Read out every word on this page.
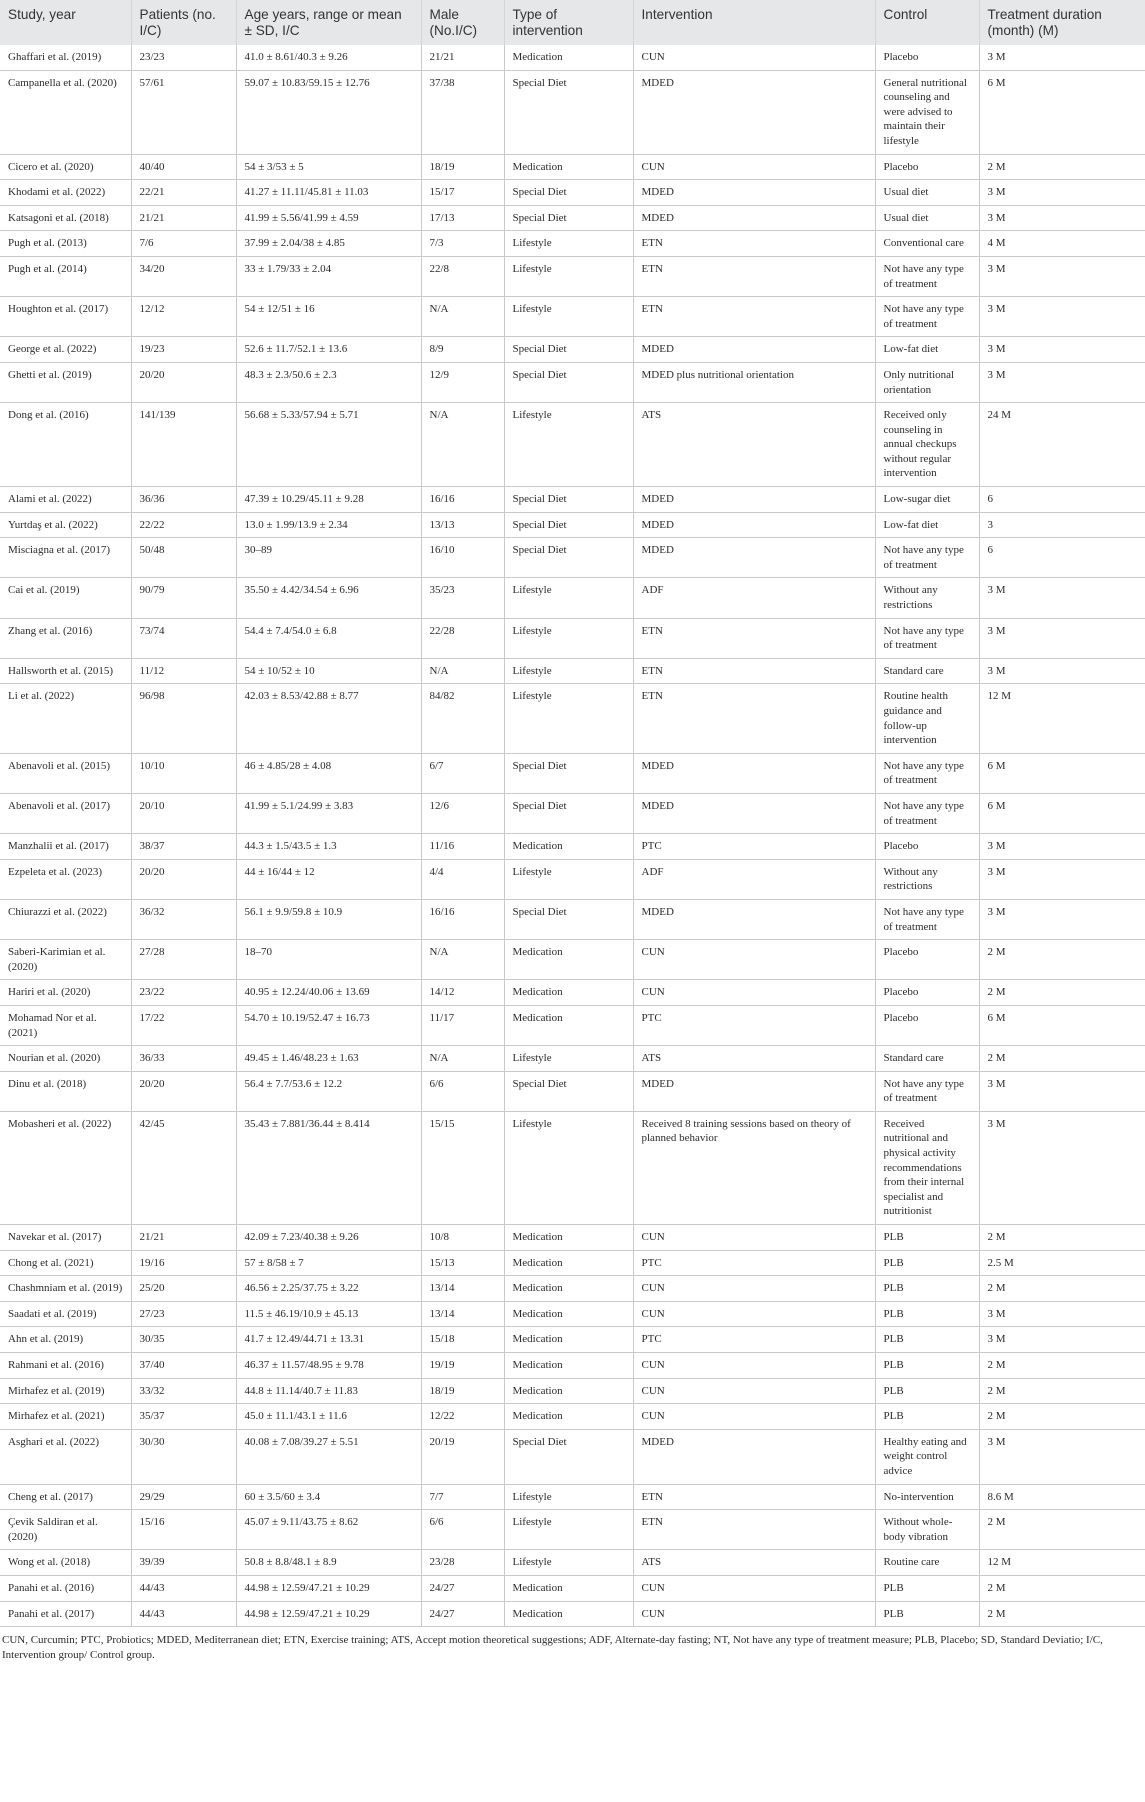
Study, year	Patients (no. I/C)	Age years, range or mean ± SD, I/C	Male (No.I/C)	Type of intervention	Intervention	Control	Treatment duration (month) (M)
Ghaffari et al. (2019)	23/23	41.0 ± 8.61/40.3 ± 9.26	21/21	Medication	CUN	Placebo	3 M
Campanella et al. (2020)	57/61	59.07 ± 10.83/59.15 ± 12.76	37/38	Special Diet	MDED	General nutritional counseling and were advised to maintain their lifestyle	6 M
Cicero et al. (2020)	40/40	54 ± 3/53 ± 5	18/19	Medication	CUN	Placebo	2 M
Khodami et al. (2022)	22/21	41.27 ± 11.11/45.81 ± 11.03	15/17	Special Diet	MDED	Usual diet	3 M
Katsagoni et al. (2018)	21/21	41.99 ± 5.56/41.99 ± 4.59	17/13	Special Diet	MDED	Usual diet	3 M
Pugh et al. (2013)	7/6	37.99 ± 2.04/38 ± 4.85	7/3	Lifestyle	ETN	Conventional care	4 M
Pugh et al. (2014)	34/20	33 ± 1.79/33 ± 2.04	22/8	Lifestyle	ETN	Not have any type of treatment	3 M
Houghton et al. (2017)	12/12	54 ± 12/51 ± 16	N/A	Lifestyle	ETN	Not have any type of treatment	3 M
George et al. (2022)	19/23	52.6 ± 11.7/52.1 ± 13.6	8/9	Special Diet	MDED	Low-fat diet	3 M
Ghetti et al. (2019)	20/20	48.3 ± 2.3/50.6 ± 2.3	12/9	Special Diet	MDED plus nutritional orientation	Only nutritional orientation	3 M
Dong et al. (2016)	141/139	56.68 ± 5.33/57.94 ± 5.71	N/A	Lifestyle	ATS	Received only counseling in annual checkups without regular intervention	24 M
Alami et al. (2022)	36/36	47.39 ± 10.29/45.11 ± 9.28	16/16	Special Diet	MDED	Low-sugar diet	6
Yurtdaş et al. (2022)	22/22	13.0 ± 1.99/13.9 ± 2.34	13/13	Special Diet	MDED	Low-fat diet	3
Misciagna et al. (2017)	50/48	30–89	16/10	Special Diet	MDED	Not have any type of treatment	6
Cai et al. (2019)	90/79	35.50 ± 4.42/34.54 ± 6.96	35/23	Lifestyle	ADF	Without any restrictions	3 M
Zhang et al. (2016)	73/74	54.4 ± 7.4/54.0 ± 6.8	22/28	Lifestyle	ETN	Not have any type of treatment	3 M
Hallsworth et al. (2015)	11/12	54 ± 10/52 ± 10	N/A	Lifestyle	ETN	Standard care	3 M
Li et al. (2022)	96/98	42.03 ± 8.53/42.88 ± 8.77	84/82	Lifestyle	ETN	Routine health guidance and follow-up intervention	12 M
Abenavoli et al. (2015)	10/10	46 ± 4.85/28 ± 4.08	6/7	Special Diet	MDED	Not have any type of treatment	6 M
Abenavoli et al. (2017)	20/10	41.99 ± 5.1/24.99 ± 3.83	12/6	Special Diet	MDED	Not have any type of treatment	6 M
Manzhalii et al. (2017)	38/37	44.3 ± 1.5/43.5 ± 1.3	11/16	Medication	PTC	Placebo	3 M
Ezpeleta et al. (2023)	20/20	44 ± 16/44 ± 12	4/4	Lifestyle	ADF	Without any restrictions	3 M
Chiurazzi et al. (2022)	36/32	56.1 ± 9.9/59.8 ± 10.9	16/16	Special Diet	MDED	Not have any type of treatment	3 M
Saberi-Karimian et al. (2020)	27/28	18–70	N/A	Medication	CUN	Placebo	2 M
Hariri et al. (2020)	23/22	40.95 ± 12.24/40.06 ± 13.69	14/12	Medication	CUN	Placebo	2 M
Mohamad Nor et al. (2021)	17/22	54.70 ± 10.19/52.47 ± 16.73	11/17	Medication	PTC	Placebo	6 M
Nourian et al. (2020)	36/33	49.45 ± 1.46/48.23 ± 1.63	N/A	Lifestyle	ATS	Standard care	2 M
Dinu et al. (2018)	20/20	56.4 ± 7.7/53.6 ± 12.2	6/6	Special Diet	MDED	Not have any type of treatment	3 M
Mobasheri et al. (2022)	42/45	35.43 ± 7.881/36.44 ± 8.414	15/15	Lifestyle	Received 8 training sessions based on theory of planned behavior	Received nutritional and physical activity recommendations from their internal specialist and nutritionist	3 M
Navekar et al. (2017)	21/21	42.09 ± 7.23/40.38 ± 9.26	10/8	Medication	CUN	PLB	2 M
Chong et al. (2021)	19/16	57 ± 8/58 ± 7	15/13	Medication	PTC	PLB	2.5 M
Chashmniam et al. (2019)	25/20	46.56 ± 2.25/37.75 ± 3.22	13/14	Medication	CUN	PLB	2 M
Saadati et al. (2019)	27/23	11.5 ± 46.19/10.9 ± 45.13	13/14	Medication	CUN	PLB	3 M
Ahn et al. (2019)	30/35	41.7 ± 12.49/44.71 ± 13.31	15/18	Medication	PTC	PLB	3 M
Rahmani et al. (2016)	37/40	46.37 ± 11.57/48.95 ± 9.78	19/19	Medication	CUN	PLB	2 M
Mirhafez et al. (2019)	33/32	44.8 ± 11.14/40.7 ± 11.83	18/19	Medication	CUN	PLB	2 M
Mirhafez et al. (2021)	35/37	45.0 ± 11.1/43.1 ± 11.6	12/22	Medication	CUN	PLB	2 M
Asghari et al. (2022)	30/30	40.08 ± 7.08/39.27 ± 5.51	20/19	Special Diet	MDED	Healthy eating and weight control advice	3 M
Cheng et al. (2017)	29/29	60 ± 3.5/60 ± 3.4	7/7	Lifestyle	ETN	No-intervention	8.6 M
Çevik Saldiran et al. (2020)	15/16	45.07 ± 9.11/43.75 ± 8.62	6/6	Lifestyle	ETN	Without whole-body vibration	2 M
Wong et al. (2018)	39/39	50.8 ± 8.8/48.1 ± 8.9	23/28	Lifestyle	ATS	Routine care	12 M
Panahi et al. (2016)	44/43	44.98 ± 12.59/47.21 ± 10.29	24/27	Medication	CUN	PLB	2 M
Panahi et al. (2017)	44/43	44.98 ± 12.59/47.21 ± 10.29	24/27	Medication	CUN	PLB	2 M
CUN, Curcumin; PTC, Probiotics; MDED, Mediterranean diet; ETN, Exercise training; ATS, Accept motion theoretical suggestions; ADF, Alternate-day fasting; NT, Not have any type of treatment measure; PLB, Placebo; SD, Standard Deviatio; I/C, Intervention group/ Control group.
